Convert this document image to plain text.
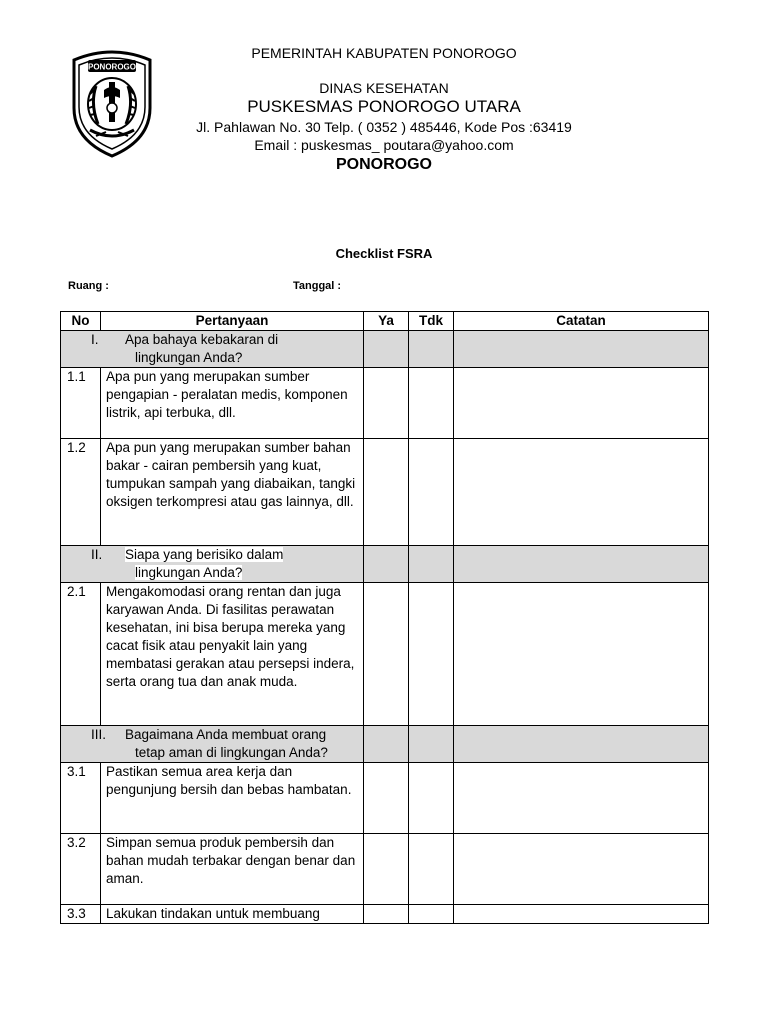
PONOROGO
PEMERINTAH KABUPATEN PONOROGO
DINAS KESEHATAN
PUSKESMAS PONOROGO UTARA
Jl. Pahlawan No. 30 Telp. ( 0352 ) 485446, Kode Pos :63419
Email : puskesmas_ poutara@yahoo.com
PONOROGO
Checklist FSRA
Ruang :	Tanggal :
No	Pertanyaan	Ya	Tdk	Catatan

I. Apa bahaya kebakaran di
lingkungan Anda?				

1.1	Apa pun yang merupakan sumber pengapian - peralatan medis, komponen listrik, api terbuka, dll.			
1.2	Apa pun yang merupakan sumber bahan bakar - cairan pembersih yang kuat, tumpukan sampah yang diabaikan, tangki oksigen terkompresi atau gas lainnya, dll.			

II. Siapa yang berisiko dalam
lingkungan Anda?				

2.1	Mengakomodasi orang rentan dan juga karyawan Anda. Di fasilitas perawatan kesehatan, ini bisa berupa mereka yang cacat fisik atau penyakit lain yang membatasi gerakan atau persepsi indera, serta orang tua dan anak muda.			

III. Bagaimana Anda membuat orang
tetap aman di lingkungan Anda?				

3.1	Pastikan semua area kerja dan pengunjung bersih dan bebas hambatan.			
3.2	Simpan semua produk pembersih dan bahan mudah terbakar dengan benar dan aman.			
3.3	Lakukan tindakan untuk membuang			
